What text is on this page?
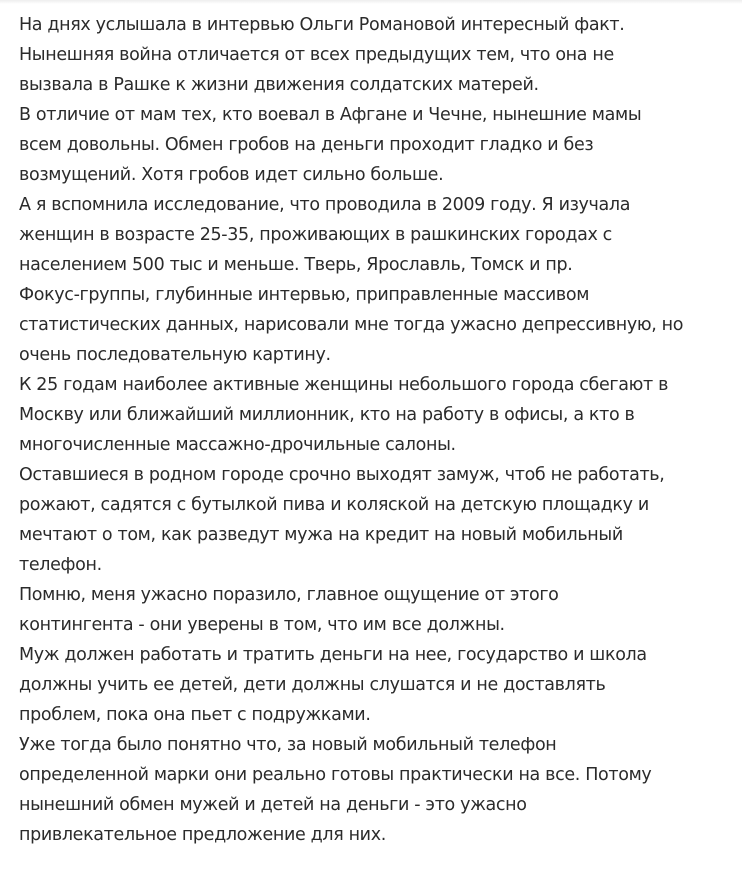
На днях услышала в интервью Ольги Романовой интересный факт.
Нынешняя война отличается от всех предыдущих тем, что она не
вызвала в Рашке к жизни движения солдатских матерей.
В отличие от мам тех, кто воевал в Афгане и Чечне, нынешние мамы
всем довольны. Обмен гробов на деньги проходит гладко и без
возмущений. Хотя гробов идет сильно больше.
А я вспомнила исследование, что проводила в 2009 году. Я изучала
женщин в возрасте 25-35, проживающих в рашкинских городах с
населением 500 тыс и меньше. Тверь, Ярославль, Томск и пр.
Фокус-группы, глубинные интервью, приправленные массивом
статистических данных, нарисовали мне тогда ужасно депрессивную, но
очень последовательную картину.
К 25 годам наиболее активные женщины небольшого города сбегают в
Москву или ближайший миллионник, кто на работу в офисы, а кто в
многочисленные массажно-дрочильные салоны.
Оставшиеся в родном городе срочно выходят замуж, чтоб не работать,
рожают, садятся с бутылкой пива и коляской на детскую площадку и
мечтают о том, как разведут мужа на кредит на новый мобильный
телефон.
Помню, меня ужасно поразило, главное ощущение от этого
контингента - они уверены в том, что им все должны.
Муж должен работать и тратить деньги на нее, государство и школа
должны учить ее детей, дети должны слушатся и не доставлять
проблем, пока она пьет с подружками.
Уже тогда было понятно что, за новый мобильный телефон
определенной марки они реально готовы практически на все. Потому
нынешний обмен мужей и детей на деньги - это ужасно
привлекательное предложение для них.
